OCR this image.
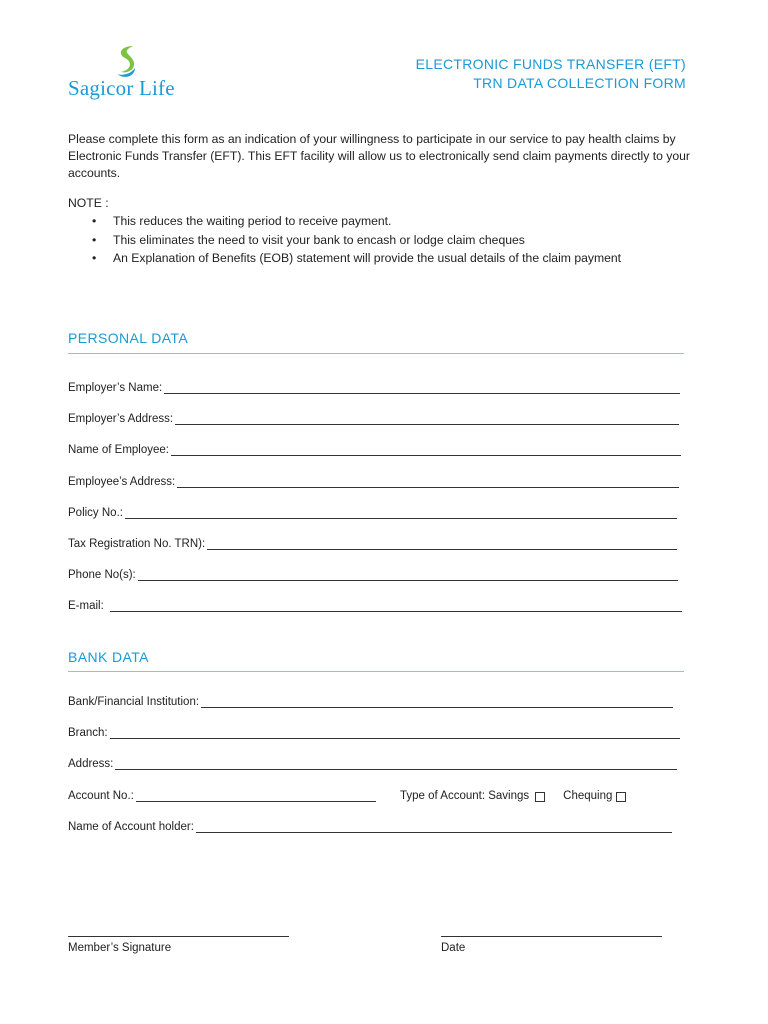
Sagicor Life
ELECTRONIC FUNDS TRANSFER (EFT)
TRN DATA COLLECTION FORM
Please complete this form as an indication of your willingness to participate in our service to pay health claims by Electronic Funds Transfer (EFT). This EFT facility will allow us to electronically send claim payments directly to your accounts.
NOTE :
• This reduces the waiting period to receive payment.
• This eliminates the need to visit your bank to encash or lodge claim cheques
• An Explanation of Benefits (EOB) statement will provide the usual details of the claim payment
PERSONAL DATA
Employer’s Name:
Employer’s Address:
Name of Employee:
Employee’s Address:
Policy No.:
Tax Registration No. TRN):
Phone No(s):
E-mail:
BANK DATA
Bank/Financial Institution:
Branch:
Address:
Account No.:	Type of Account: Savings	Chequing
Name of Account holder:
Member’s Signature	Date
